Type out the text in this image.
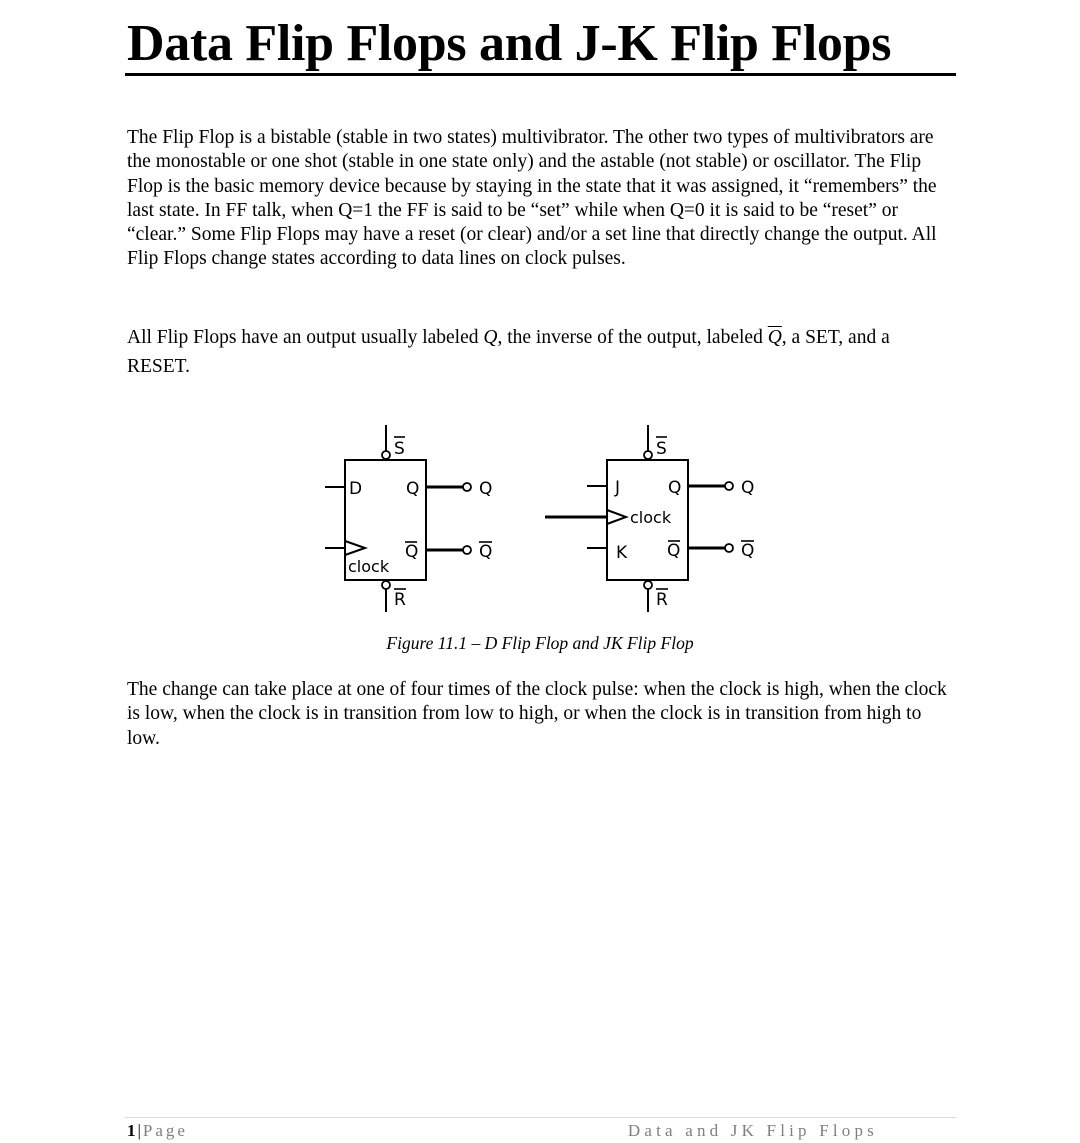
Data Flip Flops and J-K Flip Flops

The Flip Flop is a bistable (stable in two states) multivibrator. The other two types of multivibrators are the monostable or one shot (stable in one state only) and the astable (not stable) or oscillator. The Flip Flop is the basic memory device because by staying in the state that it was assigned, it “remembers” the last state. In FF talk, when Q=1 the FF is said to be “set” while when Q=0 it is said to be “reset” or “clear.” Some Flip Flops may have a reset (or clear) and/or a set line that directly change the output. All Flip Flops change states according to data lines on clock pulses.

All Flip Flops have an output usually labeled Q, the inverse of the output, labeled $\overline{Q}$, a SET, and a RESET.

S
D	Q
Q
clock
R
Q
Q
S
J	Q
clock
K Q
R
Q
Q

Figure 11.1 – D Flip Flop and JK Flip Flop

The change can take place at one of four times of the clock pulse: when the clock is high, when the clock is low, when the clock is in transition from low to high, or when the clock is in transition from high to low.

1 | Page	Data and JK Flip Flops
